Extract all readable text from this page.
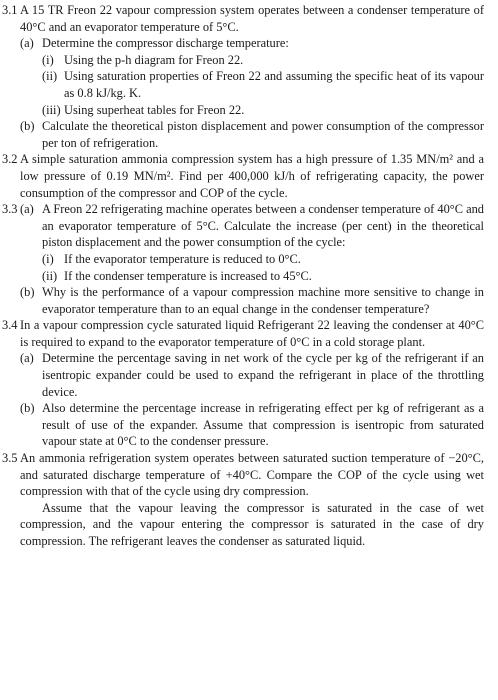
3.1 A 15 TR Freon 22 vapour compression system operates between a condenser temperature of 40°C and an evaporator temperature of 5°C.

(a) Determine the compressor discharge temperature:

(i) Using the p-h diagram for Freon 22.

(ii) Using saturation properties of Freon 22 and assuming the specific heat of its vapour as 0.8 kJ/kg. K.

(iii) Using superheat tables for Freon 22.

(b) Calculate the theoretical piston displacement and power consumption of the compressor per ton of refrigeration.

3.2 A simple saturation ammonia compression system has a high pressure of 1.35 MN/m² and a low pressure of 0.19 MN/m². Find per 400,000 kJ/h of refrigerating capacity, the power consumption of the compressor and COP of the cycle.

3.3 (a) A Freon 22 refrigerating machine operates between a condenser temperature of 40°C and an evaporator temperature of 5°C. Calculate the increase (per cent) in the theoretical piston displacement and the power consumption of the cycle:

(i) If the evaporator temperature is reduced to 0°C.

(ii) If the condenser temperature is increased to 45°C.

(b) Why is the performance of a vapour compression machine more sensitive to change in evaporator temperature than to an equal change in the condenser temperature?

3.4 In a vapour compression cycle saturated liquid Refrigerant 22 leaving the condenser at 40°C is required to expand to the evaporator temperature of 0°C in a cold storage plant.

(a) Determine the percentage saving in net work of the cycle per kg of the refrigerant if an isentropic expander could be used to expand the refrigerant in place of the throttling device.

(b) Also determine the percentage increase in refrigerating effect per kg of refrigerant as a result of use of the expander. Assume that compression is isentropic from saturated vapour state at 0°C to the condenser pressure.

3.5 An ammonia refrigeration system operates between saturated suction temperature of −20°C, and saturated discharge temperature of +40°C. Compare the COP of the cycle using wet compression with that of the cycle using dry compression.

Assume that the vapour leaving the compressor is saturated in the case of wet compression, and the vapour entering the compressor is saturated in the case of dry compression. The refrigerant leaves the condenser as saturated liquid.
